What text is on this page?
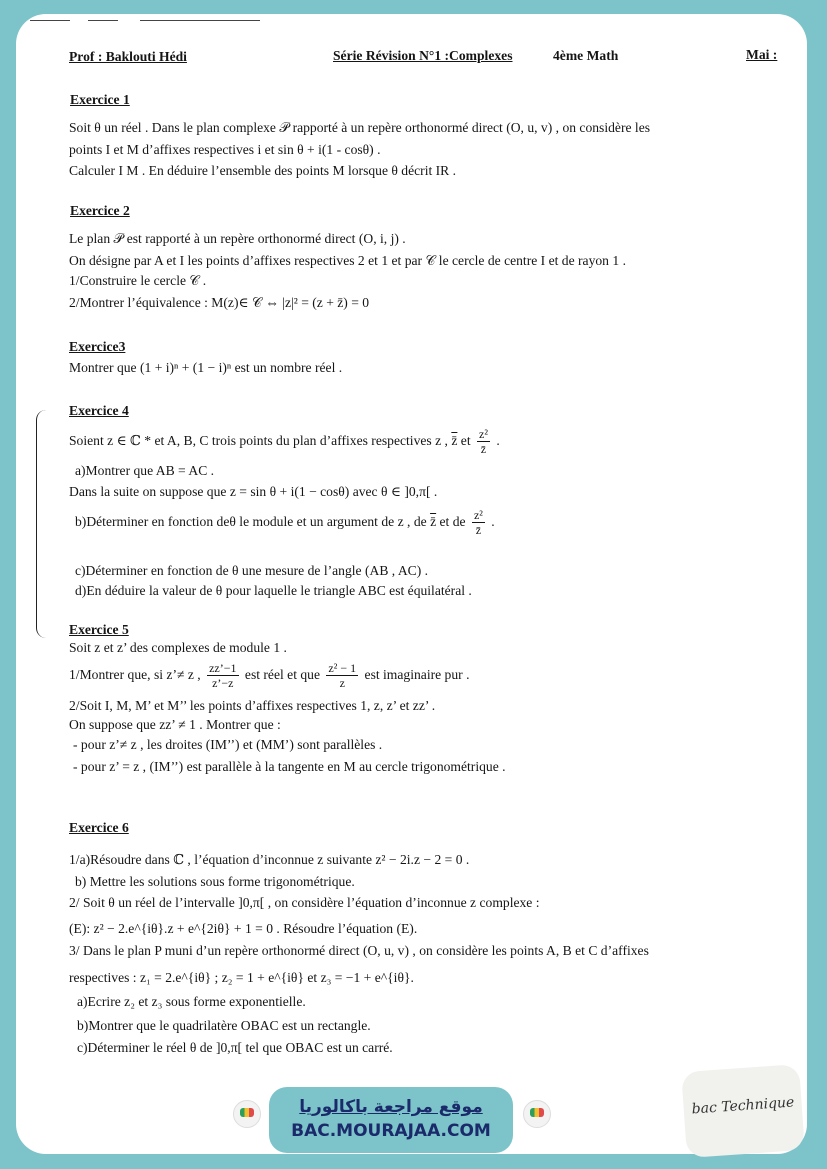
Prof : Baklouti Hédi	Série Révision N°1 :Complexes	4ème Math	Mai :
Exercice 1
Soit θ un réel . Dans le plan complexe 𝒫 rapporté à un repère orthonormé direct (O, u, v) , on considère les
points I et M d’affixes respectives i et sin θ + i(1 - cosθ) .
Calculer I M . En déduire l’ensemble des points M lorsque θ décrit IR .
Exercice 2
Le plan 𝒫 est rapporté à un repère orthonormé direct (O, i, j) .
On désigne par A et I les points d’affixes respectives 2 et 1 et par 𝒞 le cercle de centre I et de rayon 1 .
1/Construire le cercle 𝒞 .
2/Montrer l’équivalence : M(z)∈ 𝒞 ⇔ |z|² = (z + z̄) = 0
Exercice3
Montrer que (1 + i)ⁿ + (1 − i)ⁿ est un nombre réel .
Exercice 4
Soient z ∈ ℂ * et A, B, C trois points du plan d’affixes respectives z , z̄ et $\frac{\text{z²}}{z̄}$ .
a)Montrer que AB = AC .
Dans la suite on suppose que z = sin θ + i(1 − cosθ) avec θ ∈ ]0,π[ .
b)Déterminer en fonction deθ le module et un argument de z , de z̄ et de $\frac{\text{z²}}{z̄}$ .
c)Déterminer en fonction de θ une mesure de l’angle (AB , AC) .
d)En déduire la valeur de θ pour laquelle le triangle ABC est équilatéral .
Exercice 5
Soit z et z’ des complexes de module 1 .
1/Montrer que, si z’≠ z , $\frac{zz’-1}{z’-z}$ est réel et que $\frac{\text{z² − 1}}{z}$ est imaginaire pur .
2/Soit I, M, M’ et M’’ les points d’affixes respectives 1, z, z’ et zz’ .
On suppose que zz’ ≠ 1 . Montrer que :
- pour z’≠ z , les droites (IM’’) et (MM’) sont parallèles .
- pour z’ = z , (IM’’) est parallèle à la tangente en M au cercle trigonométrique .
Exercice 6
1/a)Résoudre dans ℂ , l’équation d’inconnue z suivante z² − 2i.z − 2 = 0 .
b) Mettre les solutions sous forme trigonométrique.
2/ Soit θ un réel de l’intervalle ]0,π[ , on considère l’équation d’inconnue z complexe :
(E): z² − 2.e^{iθ}.z + e^{2iθ} + 1 = 0 . Résoudre l’équation (E).
3/ Dans le plan P muni d’un repère orthonormé direct (O, u, v) , on considère les points A, B et C d’affixes
respectives : z₁ = 2.e^{iθ} ; z₂ = 1 + e^{iθ} et z₃ = −1 + e^{iθ}.
a)Ecrire z₂ et z₃ sous forme exponentielle.
b)Montrer que le quadrilatère OBAC est un rectangle.
c)Déterminer le réel θ de ]0,π[ tel que OBAC est un carré.
موقع مراجعة باكالوريا
BAC.MOURAJAA.COM
bac Technique
